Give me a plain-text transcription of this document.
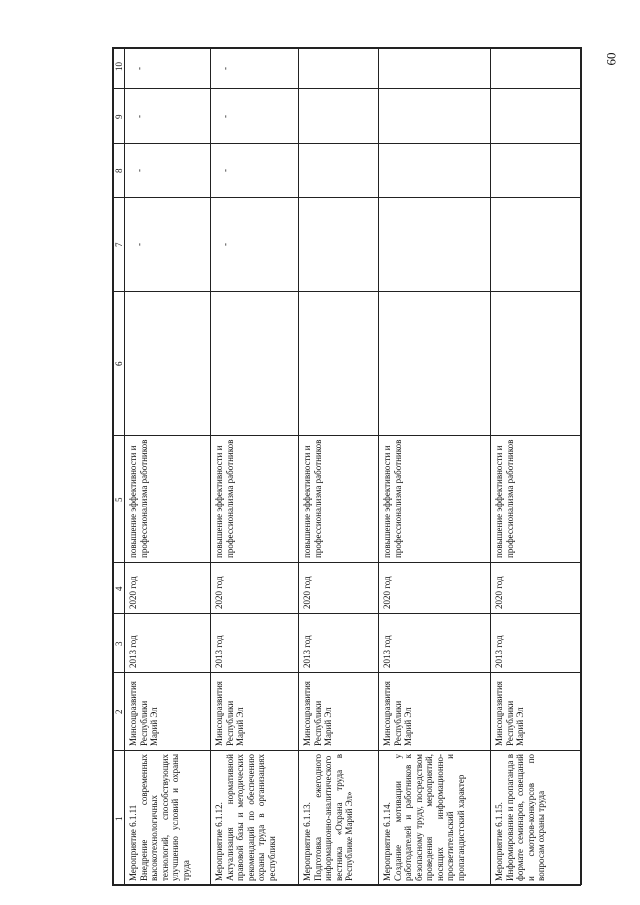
60
1
2
3
4
5
6
7
8
9
10
Мероприятие 6.1.11
Внедрение современных высокотехнологичных технологий, способствующих улучшению условий и охраны труда
Минсоцразвития Республики Марий Эл
2013 год
2020 год
повышение эффективности и профессионализма работников
-
-
-
-
Мероприятие 6.1.12.
Актуализация нормативной правовой базы и методических рекомендаций по обеспечению охраны труда в организациях республики
Минсоцразвития Республики Марий Эл
2013 год
2020 год
повышение эффективности и профессионализма работников
-
-
-
-
Мероприятие 6.1.13.
Подготовка ежегодного информационно-аналитического вестника «Охрана труда в Республике Марий Эл»
Минсоцразвития Республики Марий Эл
2013 год
2020 год
повышение эффективности и профессионализма работников
Мероприятие 6.1.14.
Создание мотивации у работодателей и работников к безопасному труду, посредством проведения мероприятий, носящих информационно-просветительский и пропагандистский характер
Минсоцразвития Республики Марий Эл
2013 год
2020 год
повышение эффективности и профессионализма работников
Мероприятие 6.1.15.
Информирование и пропаганда в формате семинаров, совещаний и смотров-конкурсов по вопросам охраны труда
Минсоцразвития Республики Марий Эл
2013 год
2020 год
повышение эффективности и профессионализма работников
